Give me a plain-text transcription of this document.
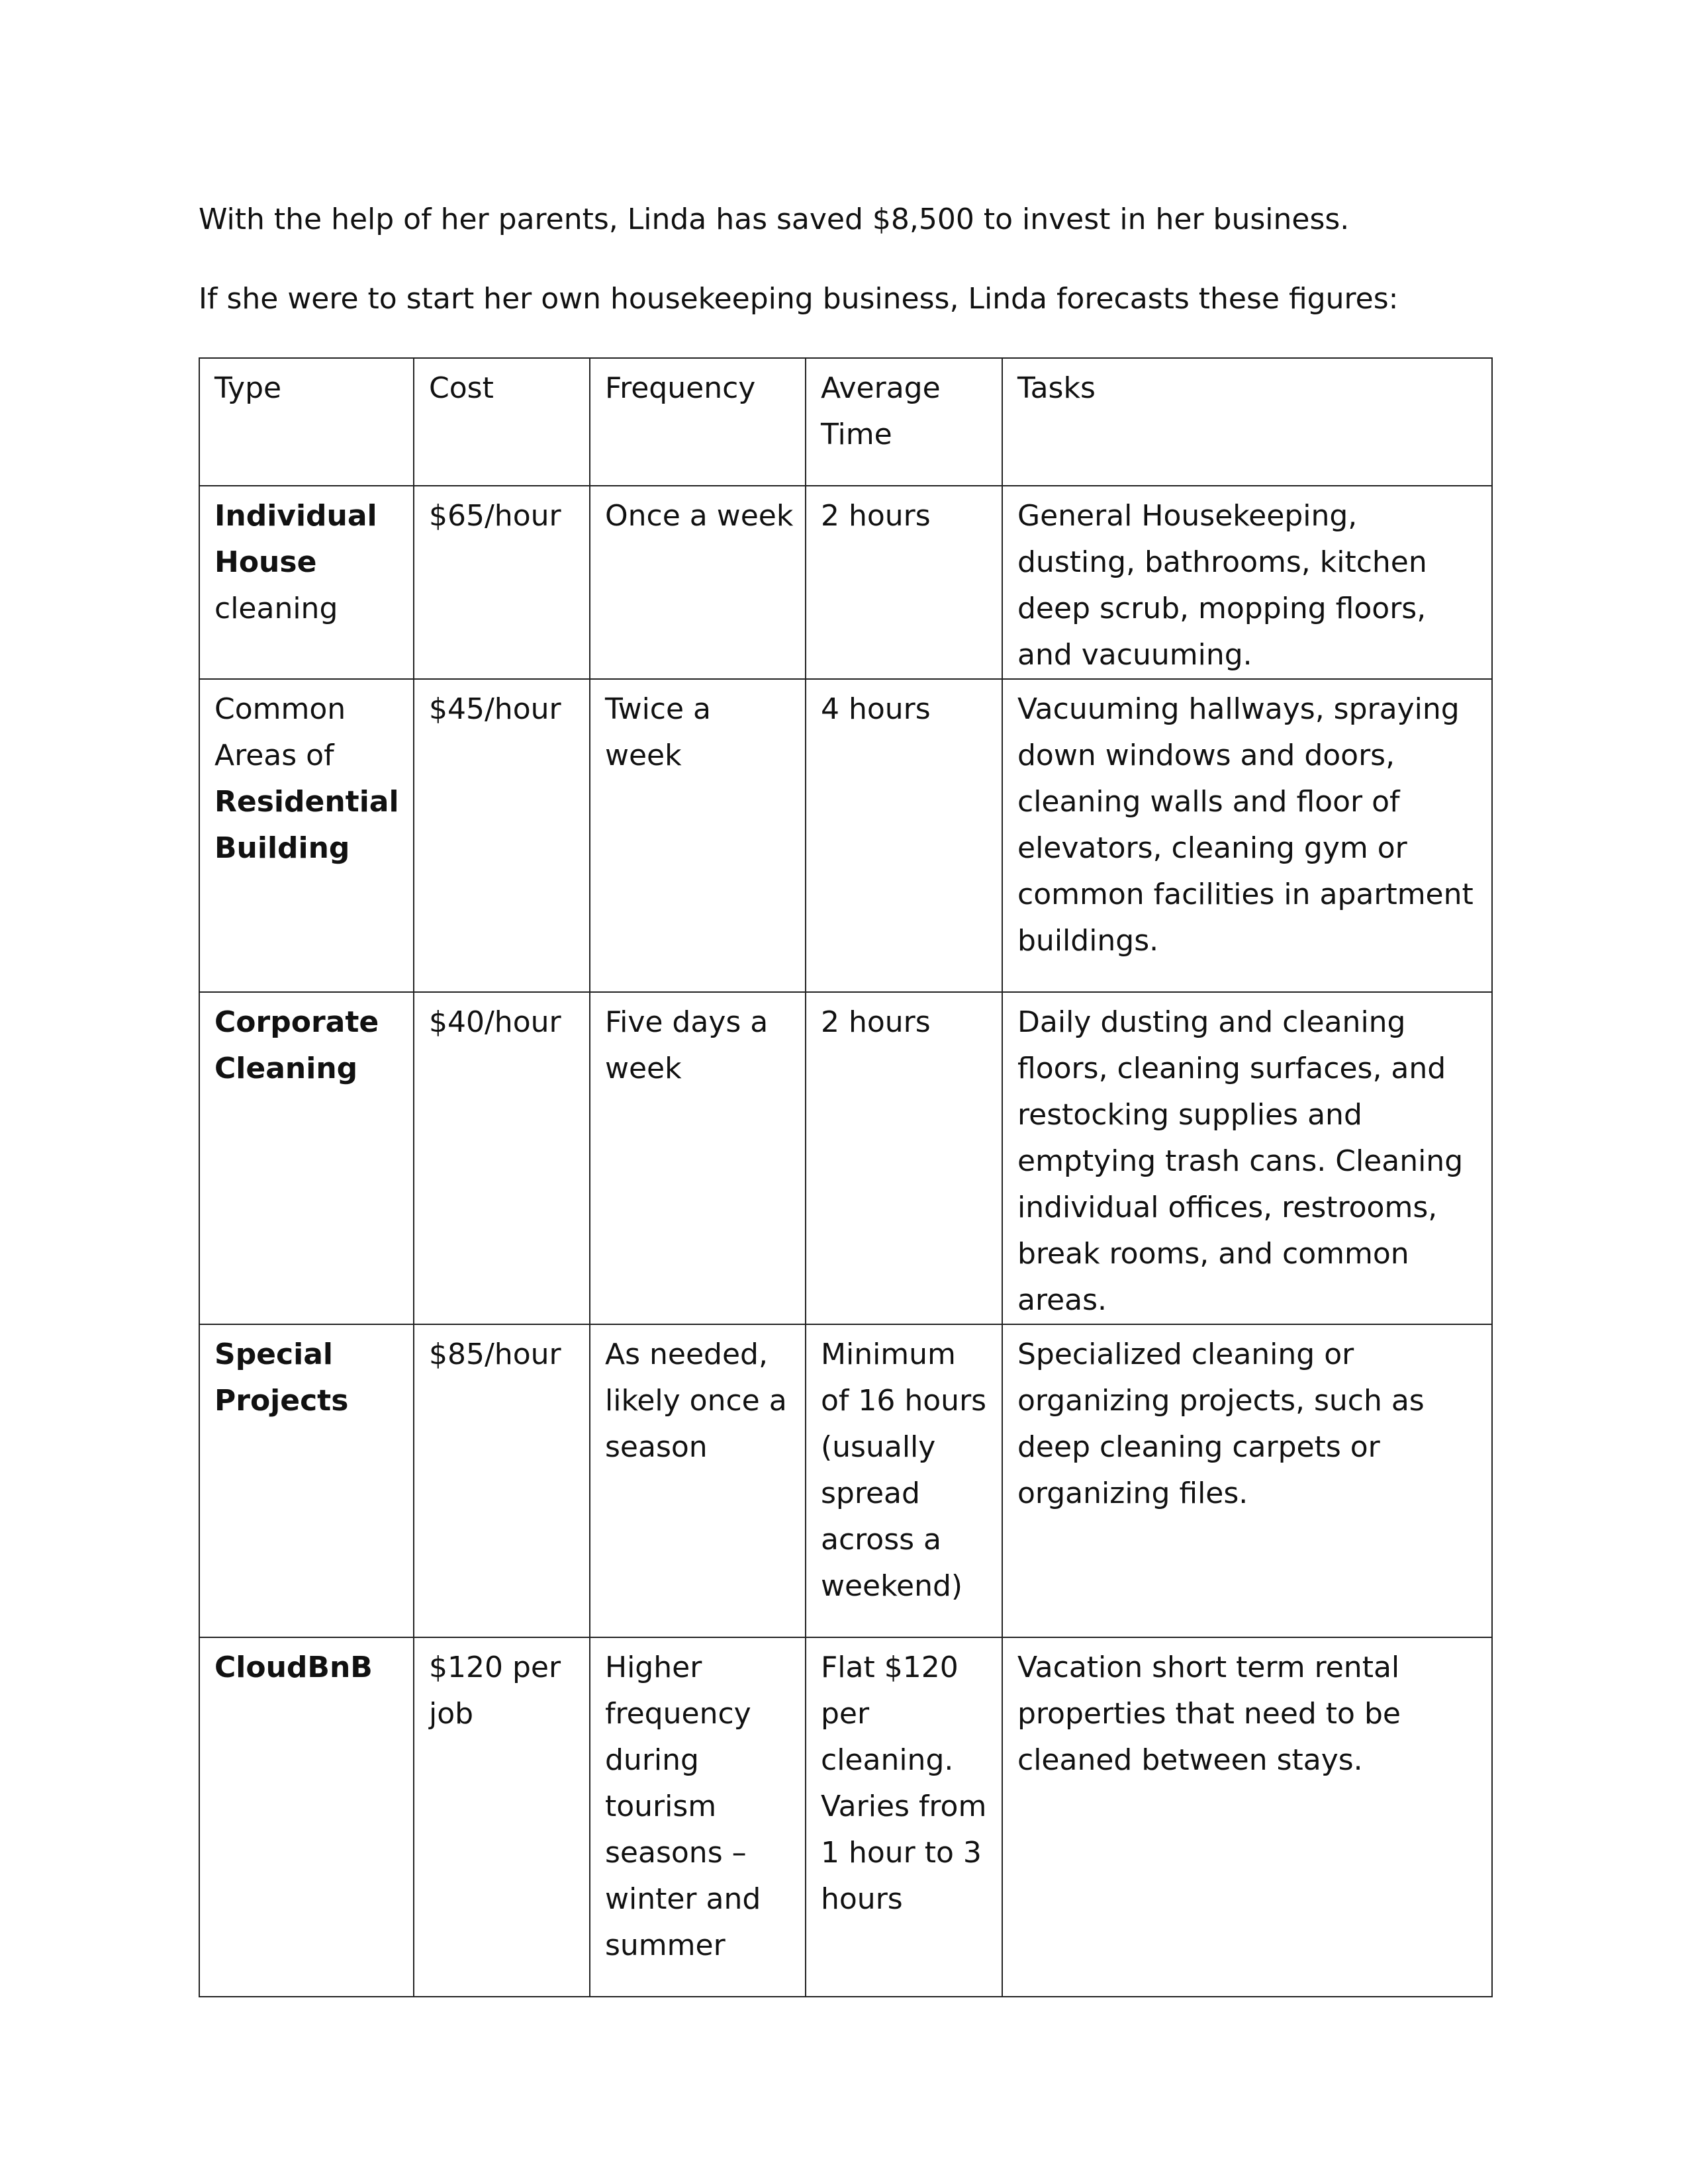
With the help of her parents, Linda has saved $8,500 to invest in her business.

If she were to start her own housekeeping business, Linda forecasts these figures:

Type	Cost	Frequency	Average Time	Tasks
Individual House
cleaning	$65/hour	Once a week	2 hours	General Housekeeping, dusting, bathrooms, kitchen deep scrub, mopping floors, and vacuuming.
Common Areas of
Residential Building	$45/hour	Twice a week	4 hours	Vacuuming hallways, spraying down windows and doors, cleaning walls and floor of elevators, cleaning gym or common facilities in apartment buildings.
Corporate Cleaning	$40/hour	Five days a week	2 hours	Daily dusting and cleaning floors, cleaning surfaces, and restocking supplies and emptying trash cans. Cleaning individual offices, restrooms, break rooms, and common areas.
Special Projects	$85/hour	As needed, likely once a season	Minimum of 16 hours (usually spread across a weekend)	Specialized cleaning or organizing projects, such as deep cleaning carpets or organizing files.
CloudBnB	$120 per job	Higher frequency during tourism seasons – winter and summer	Flat $120 per cleaning. Varies from 1 hour to 3 hours	Vacation short term rental properties that need to be cleaned between stays.
